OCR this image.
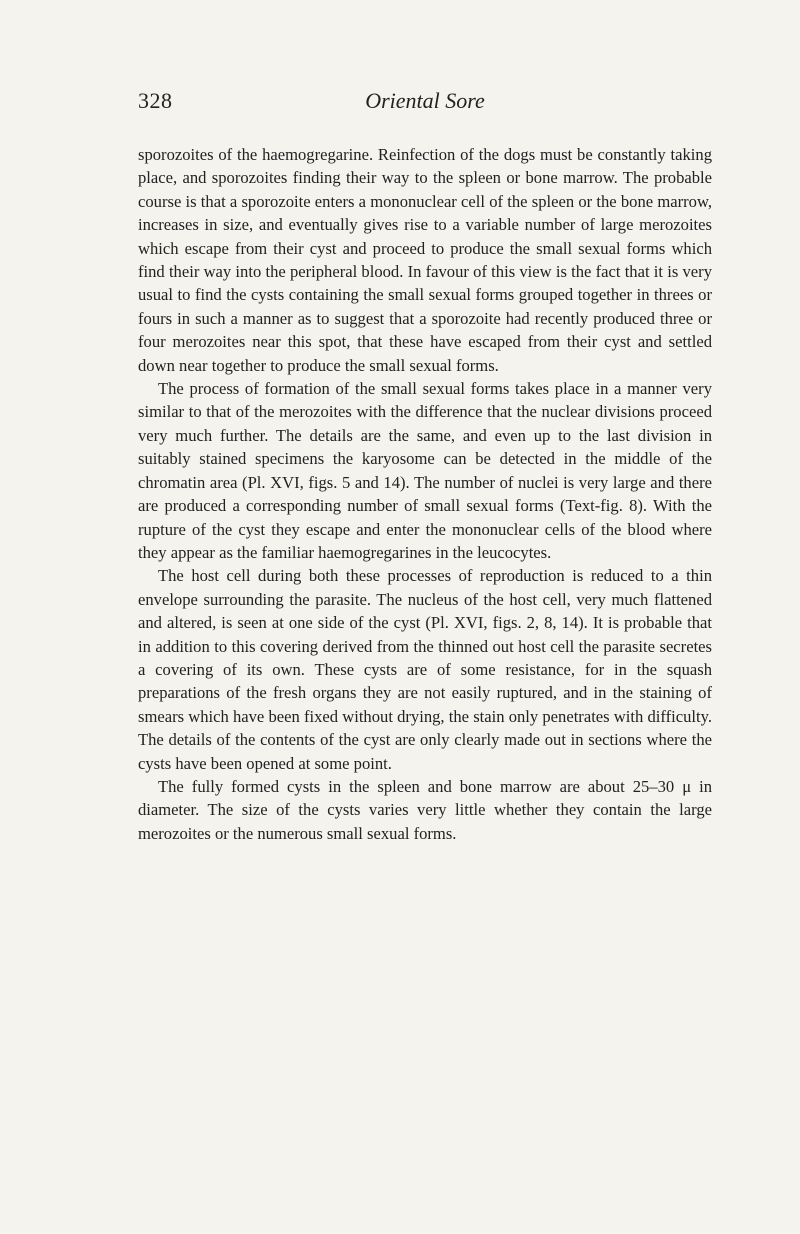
328	Oriental Sore

sporozoites of the haemogregarine. Reinfection of the dogs must be constantly taking place, and sporozoites finding their way to the spleen or bone marrow. The probable course is that a sporozoite enters a mononuclear cell of the spleen or the bone marrow, increases in size, and eventually gives rise to a variable number of large merozoites which escape from their cyst and proceed to produce the small sexual forms which find their way into the peripheral blood. In favour of this view is the fact that it is very usual to find the cysts containing the small sexual forms grouped together in threes or fours in such a manner as to suggest that a sporozoite had recently produced three or four merozoites near this spot, that these have escaped from their cyst and settled down near together to produce the small sexual forms.

The process of formation of the small sexual forms takes place in a manner very similar to that of the merozoites with the difference that the nuclear divisions proceed very much further. The details are the same, and even up to the last division in suitably stained specimens the karyosome can be detected in the middle of the chromatin area (Pl. XVI, figs. 5 and 14). The number of nuclei is very large and there are produced a corresponding number of small sexual forms (Text-fig. 8). With the rupture of the cyst they escape and enter the mononuclear cells of the blood where they appear as the familiar haemogregarines in the leucocytes.

The host cell during both these processes of reproduction is reduced to a thin envelope surrounding the parasite. The nucleus of the host cell, very much flattened and altered, is seen at one side of the cyst (Pl. XVI, figs. 2, 8, 14). It is probable that in addition to this covering derived from the thinned out host cell the parasite secretes a covering of its own. These cysts are of some resistance, for in the squash preparations of the fresh organs they are not easily ruptured, and in the staining of smears which have been fixed without drying, the stain only penetrates with difficulty. The details of the contents of the cyst are only clearly made out in sections where the cysts have been opened at some point.

The fully formed cysts in the spleen and bone marrow are about 25–30 μ in diameter. The size of the cysts varies very little whether they contain the large merozoites or the numerous small sexual forms.
